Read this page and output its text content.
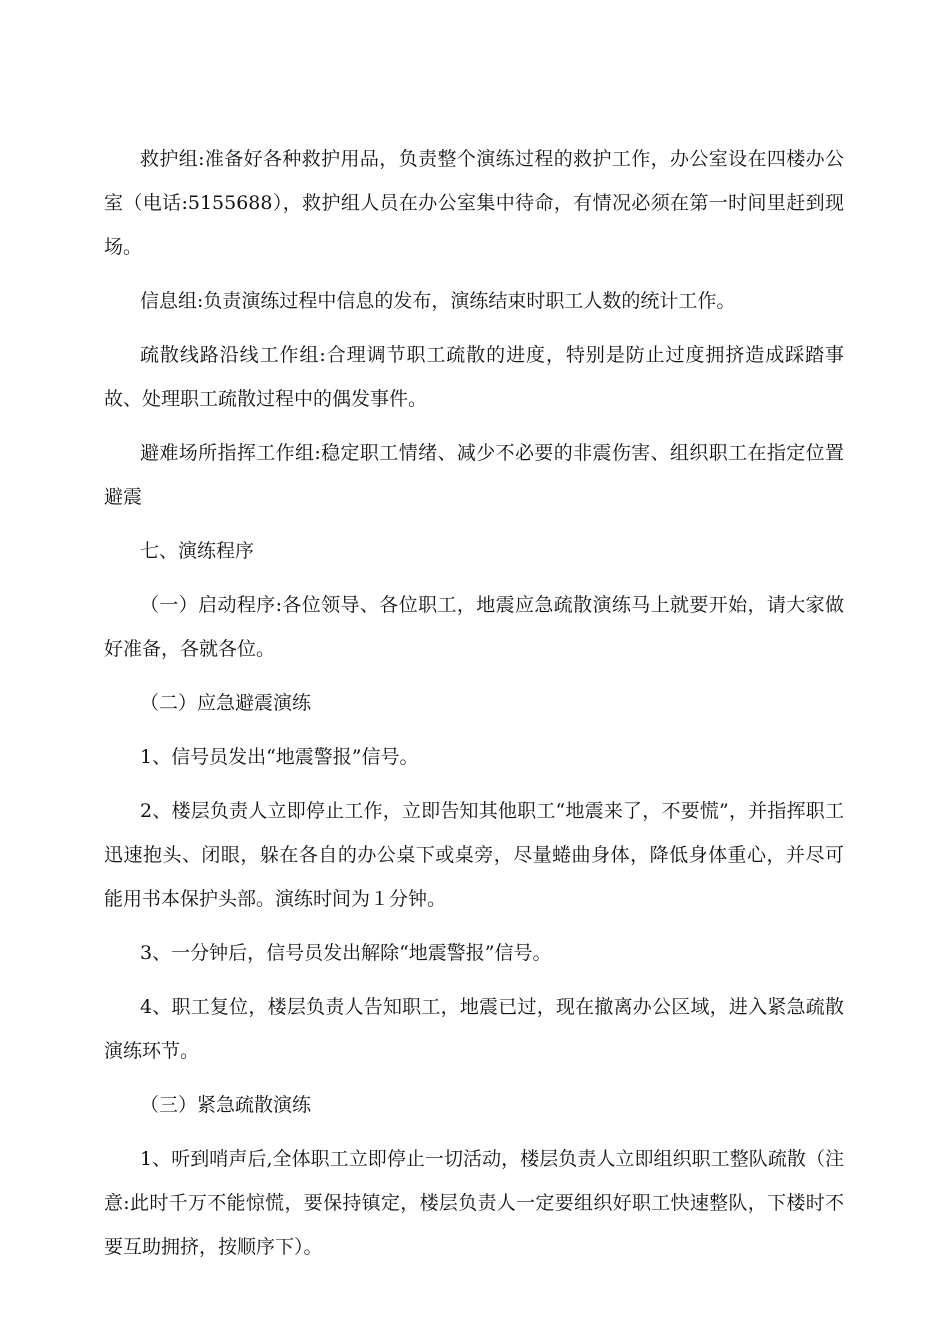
救护组:准备好各种救护用品，负责整个演练过程的救护工作，办公室设在四楼办公室（电话:5155688），救护组人员在办公室集中待命，有情况必须在第一时间里赶到现场。

信息组:负责演练过程中信息的发布，演练结束时职工人数的统计工作。

疏散线路沿线工作组:合理调节职工疏散的进度，特别是防止过度拥挤造成踩踏事故、处理职工疏散过程中的偶发事件。

避难场所指挥工作组:稳定职工情绪、减少不必要的非震伤害、组织职工在指定位置避震

七、演练程序

（一）启动程序:各位领导、各位职工，地震应急疏散演练马上就要开始，请大家做好准备，各就各位。

（二）应急避震演练

1、信号员发出“地震警报”信号。

2、楼层负责人立即停止工作，立即告知其他职工“地震来了，不要慌”，并指挥职工迅速抱头、闭眼，躲在各自的办公桌下或桌旁，尽量蜷曲身体，降低身体重心，并尽可能用书本保护头部。演练时间为１分钟。

3、一分钟后，信号员发出解除“地震警报”信号。

4、职工复位，楼层负责人告知职工，地震已过，现在撤离办公区域，进入紧急疏散演练环节。

（三）紧急疏散演练

1、听到哨声后,全体职工立即停止一切活动，楼层负责人立即组织职工整队疏散（注意:此时千万不能惊慌，要保持镇定，楼层负责人一定要组织好职工快速整队，下楼时不要互助拥挤，按顺序下）。
